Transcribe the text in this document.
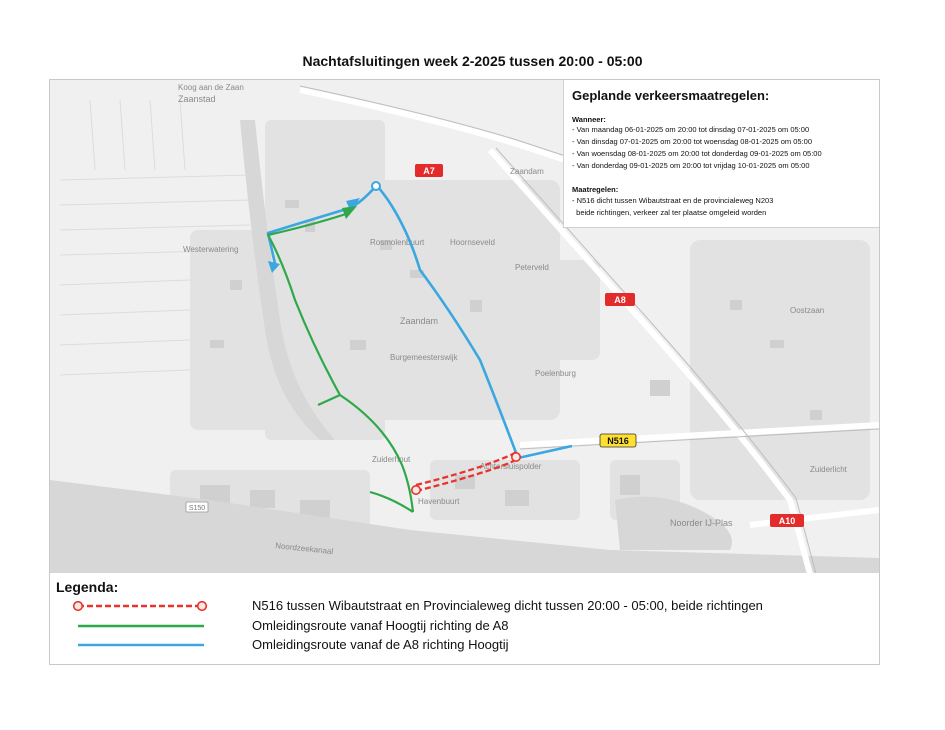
Nachtafsluitingen week 2-2025 tussen 20:00 - 05:00
Koog aan de Zaan
Zaanstad
Zaandam
Westerwatering
Zaandam
Rosmolenbuurt	Hoornseveld
Peterveld
Oostzaan
Poelenburg
Burgemeesterswijk
Zuiderhout
Havenbuurt
Achtersluispolder
Noorder IJ-Plas
Noordzeekanaal
Zuiderlicht
A7
A8
N516
A10
S150
Geplande verkeersmaatregelen:
Wanneer:
- Van maandag 06-01-2025 om 20:00 tot dinsdag 07-01-2025 om 05:00
- Van dinsdag 07-01-2025 om 20:00 tot woensdag 08-01-2025 om 05:00
- Van woensdag 08-01-2025 om 20:00 tot donderdag 09-01-2025 om 05:00
- Van donderdag 09-01-2025 om 20:00 tot vrijdag 10-01-2025 om 05:00
Maatregelen:
- N516 dicht tussen Wibautstraat en de provincialeweg N203
beide richtingen, verkeer zal ter plaatse omgeleid worden
Legenda:
N516 tussen Wibautstraat en Provincialeweg dicht tussen 20:00 - 05:00, beide richtingen
Omleidingsroute vanaf Hoogtij richting de A8
Omleidingsroute vanaf de A8 richting Hoogtij
